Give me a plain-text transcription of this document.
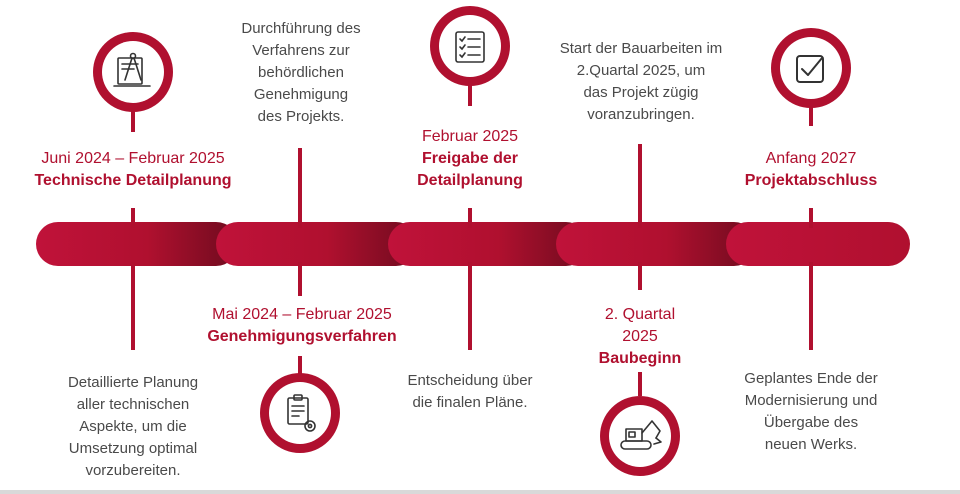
Juni 2024 – Februar 2025
Technische Detailplanung
Detaillierte Planung
aller technischen
Aspekte, um die
Umsetzung optimal
vorzubereiten.
Mai 2024 – Februar 2025
Genehmigungsverfahren
Durchführung des
Verfahrens zur
behördlichen
Genehmigung
des Projekts.
Februar 2025
Freigabe der
Detailplanung
Entscheidung über
die finalen Pläne.
2. Quartal
2025
Baubeginn
Start der Bauarbeiten im
2.Quartal 2025, um
das Projekt zügig
voranzubringen.
Anfang 2027
Projektabschluss
Geplantes Ende der
Modernisierung und
Übergabe des
neuen Werks.
